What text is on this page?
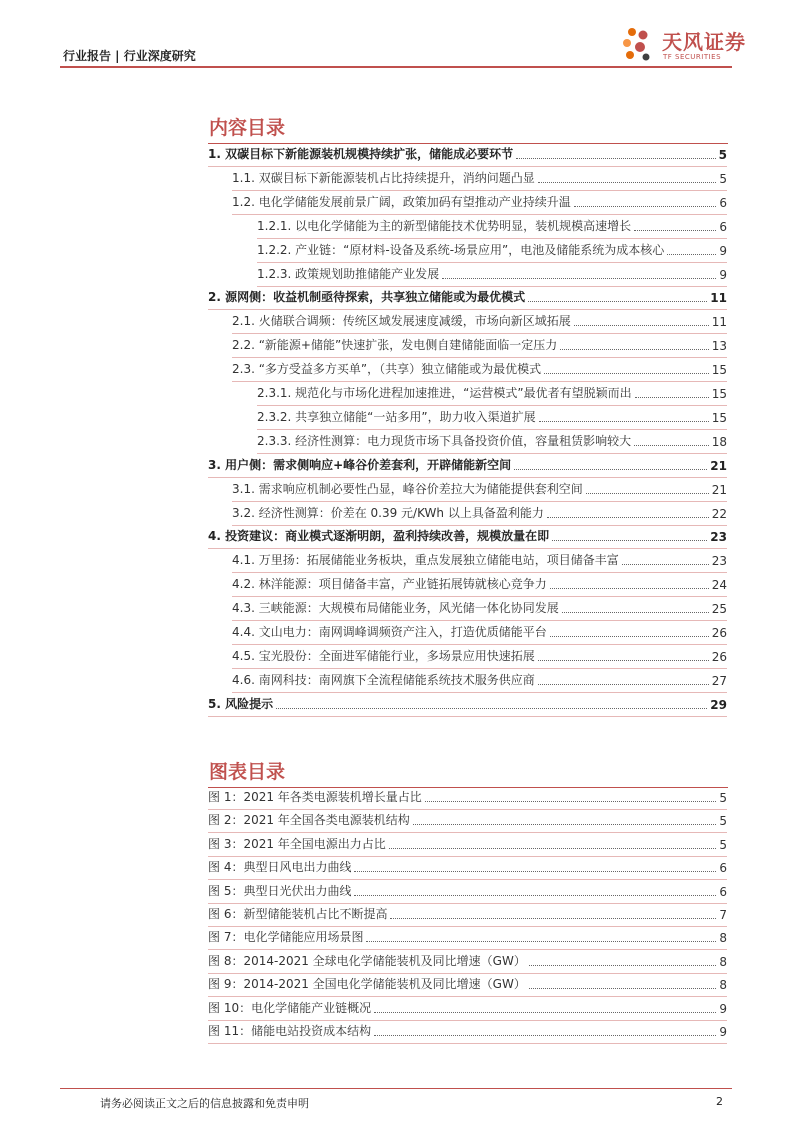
行业报告 | 行业深度研究
天风证券
TF SECURITIES
内容目录
1. 双碳目标下新能源装机规模持续扩张，储能成必要环节	5
1.1. 双碳目标下新能源装机占比持续提升，消纳问题凸显	5
1.2. 电化学储能发展前景广阔，政策加码有望推动产业持续升温	6
1.2.1. 以电化学储能为主的新型储能技术优势明显，装机规模高速增长	6
1.2.2. 产业链：“原材料-设备及系统-场景应用”，电池及储能系统为成本核心	9
1.2.3. 政策规划助推储能产业发展	9
2. 源网侧：收益机制亟待探索，共享独立储能或为最优模式	11
2.1. 火储联合调频：传统区域发展速度减缓，市场向新区域拓展	11
2.2. “新能源+储能”快速扩张，发电侧自建储能面临一定压力	13
2.3. “多方受益多方买单”，（共享）独立储能或为最优模式	15
2.3.1. 规范化与市场化进程加速推进，“运营模式”最优者有望脱颖而出	15
2.3.2. 共享独立储能“一站多用”，助力收入渠道扩展	15
2.3.3. 经济性测算：电力现货市场下具备投资价值，容量租赁影响较大	18
3. 用户侧：需求侧响应+峰谷价差套利，开辟储能新空间	21
3.1. 需求响应机制必要性凸显，峰谷价差拉大为储能提供套利空间	21
3.2. 经济性测算：价差在 0.39 元/KWh 以上具备盈利能力	22
4. 投资建议：商业模式逐渐明朗，盈利持续改善，规模放量在即	23
4.1. 万里扬：拓展储能业务板块，重点发展独立储能电站，项目储备丰富	23
4.2. 林洋能源：项目储备丰富，产业链拓展铸就核心竞争力	24
4.3. 三峡能源：大规模布局储能业务，风光储一体化协同发展	25
4.4. 文山电力：南网调峰调频资产注入，打造优质储能平台	26
4.5. 宝光股份：全面进军储能行业，多场景应用快速拓展	26
4.6. 南网科技：南网旗下全流程储能系统技术服务供应商	27
5. 风险提示	29
图表目录
图 1：2021 年各类电源装机增长量占比	5
图 2：2021 年全国各类电源装机结构	5
图 3：2021 年全国电源出力占比	5
图 4：典型日风电出力曲线	6
图 5：典型日光伏出力曲线	6
图 6：新型储能装机占比不断提高	7
图 7：电化学储能应用场景图	8
图 8：2014-2021 全球电化学储能装机及同比增速（GW）	8
图 9：2014-2021 全国电化学储能装机及同比增速（GW）	8
图 10：电化学储能产业链概况	9
图 11：储能电站投资成本结构	9
请务必阅读正文之后的信息披露和免责申明	2
